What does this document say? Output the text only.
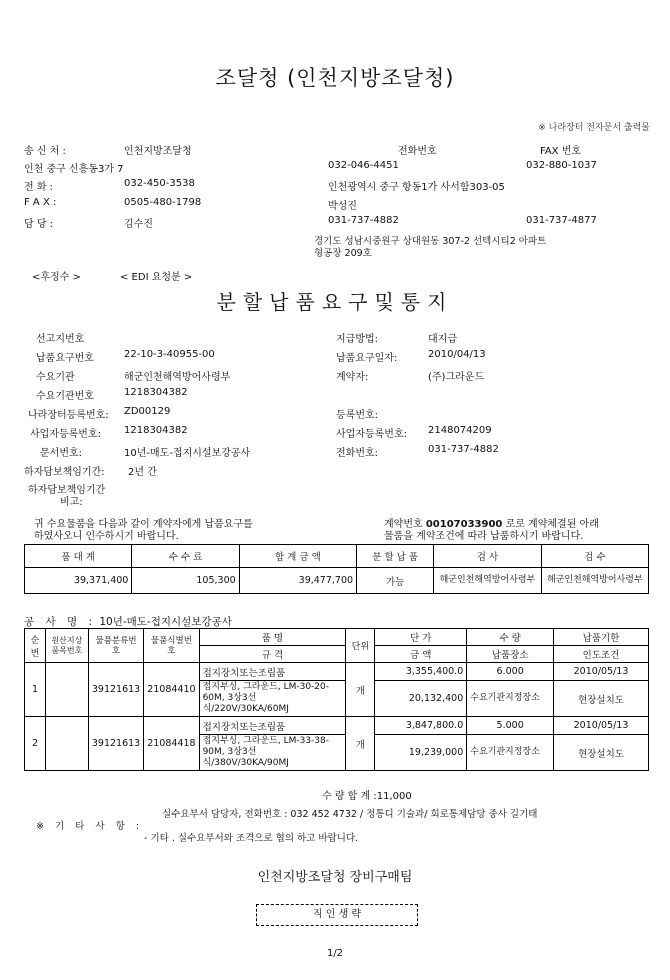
조달청 (인천지방조달청)
※ 나라장터 전자문서 출력물
송 신 처 :	인천지방조달청
인천 중구 신흥동3가 7
전 화 :	032-450-3538
F A X :	0505-480-1798
담 당 :	김수진
전화번호	FAX 번호
032-046-4451	032-880-1037
인천광역시 중구 항동1가 사서함303-05
박성진
031-737-4882	031-737-4877
경기도 성남시중원구 상대원동 307-2 선텍시티2 아파트
형공장 209호
<후징수 >	< EDI 요청분 >
분할납품요구및통지
선고지번호
납품요구번호	22-10-3-40955-00
수요기관	해군인천해역방어사령부
수요기관번호	1218304382
나라장터등록번호: ZD00129
사업자등록번호: 1218304382
문서번호:	10년-매도-접지시설보강공사
하자담보책임기간: 2년 간
하자담보책임기간
비고:
지급방법:	대지급
납품요구일자:	2010/04/13
계약자:	(주)그라운드
등록번호:
사업자등록번호: 2148074209
전화번호:	031-737-4882
귀 수요물품을 다음과 같이 계약자에게 납품요구를
하였사오니 인수하시기 바랍니다.
계약번호 00107033900 로로 계약체결된 아래
물품을 계약조건에 따라 납품하시기 바랍니다.
품 대 계	수 수 료	합 계 금 액	분 할 납 품	검 사	검 수
39,371,400	105,300	39,477,700	가능	해군인천해역방어사령부	해군인천해역방어사령부
공 사 명 : 10년-매도-접지시설보강공사
순번	원산지상 품목번호	물품분류번호	물품식별번호	품 명	단위	단 가	수 량	납품기한
				규 격		금 액	납품장소	인도조건
1		39121613	21084410	접지장치또는조립품	개	3,355,400.0	6.000	2010/05/13
				접지부싱, 그라운드, LM-30-20-60M, 3상3선식/220V/30KA/60MJ		20,132,400	수요기관지정장소	현장설치도
2		39121613	21084418	접지장치또는조립품	개	3,847,800.0	5.000	2010/05/13
				접지부싱, 그라운드, LM-33-38-90M, 3상3선식/380V/30KA/90MJ		19,239,000	수요기관지정장소	현장설치도
수 량 합 계 :11,000
※ 기 타 사 항 :
실수요부서 담당자, 전화번호 : 032 452 4732 / 정통디 기술과/ 회로통제담당 중사 길기태
- 기타 . 실수요부서와 조격으로 협의 하고 바랍니다.
인천지방조달청 장비구매팀
직 인 생 략
1/2
